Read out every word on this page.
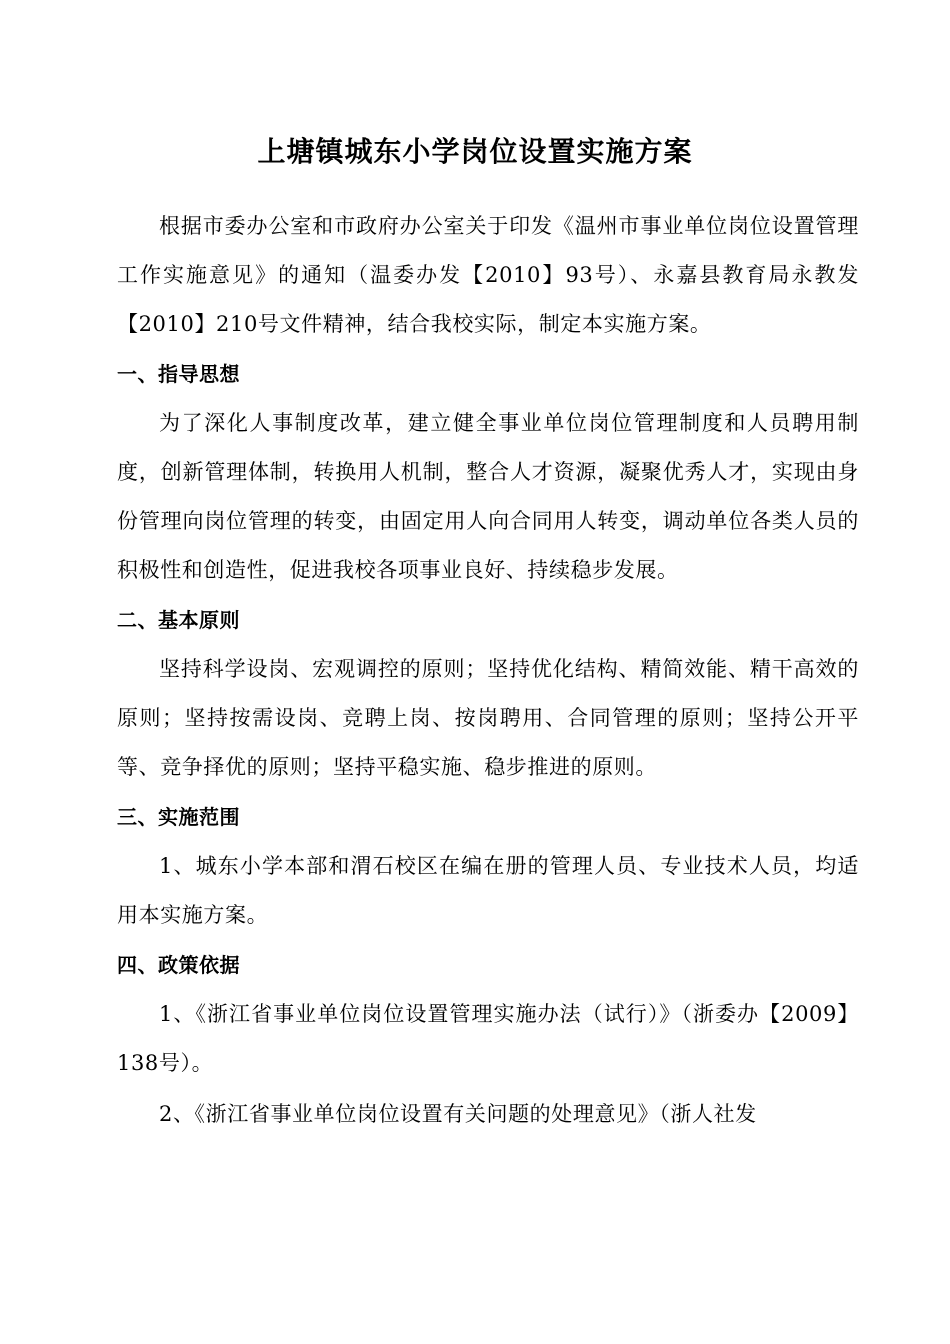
上塘镇城东小学岗位设置实施方案

根据市委办公室和市政府办公室关于印发《温州市事业单位岗位设置管理工作实施意见》的通知（温委办发【2010】93号）、永嘉县教育局永教发【2010】210号文件精神，结合我校实际，制定本实施方案。

一、指导思想

为了深化人事制度改革，建立健全事业单位岗位管理制度和人员聘用制度，创新管理体制，转换用人机制，整合人才资源，凝聚优秀人才，实现由身份管理向岗位管理的转变，由固定用人向合同用人转变，调动单位各类人员的积极性和创造性，促进我校各项事业良好、持续稳步发展。

二、基本原则

坚持科学设岗、宏观调控的原则；坚持优化结构、精简效能、精干高效的原则；坚持按需设岗、竞聘上岗、按岗聘用、合同管理的原则；坚持公开平等、竞争择优的原则；坚持平稳实施、稳步推进的原则。

三、实施范围

1、城东小学本部和渭石校区在编在册的管理人员、专业技术人员，均适用本实施方案。

四、政策依据

1、《浙江省事业单位岗位设置管理实施办法（试行）》（浙委办【2009】138号）。

2、《浙江省事业单位岗位设置有关问题的处理意见》（浙人社发
